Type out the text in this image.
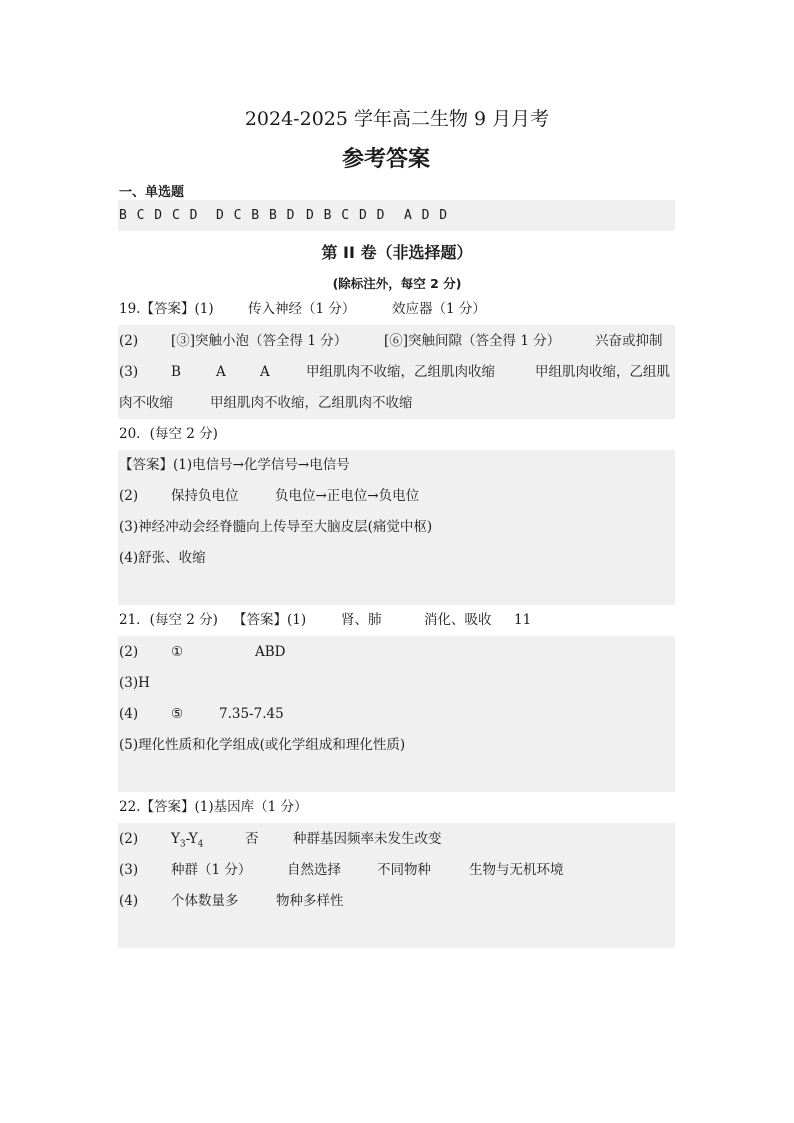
2024-2025 学年高二生物 9 月月考
参考答案
一、单选题
B C D C D D C B B D D B C D D A D D
第 II 卷（非选择题）
(除标注外，每空 2 分)
19.【答案】(1)	传入神经（1 分）	效应器（1 分）
(2) [③]突触小泡（答全得 1 分）	[⑥]突触间隙（答全得 1 分）	兴奋或抑制
(3) B	A	A	甲组肌肉不收缩，乙组肌肉收缩	甲组肌肉收缩，乙组肌
肉不收缩	甲组肌肉不收缩，乙组肌肉不收缩
20．(每空 2 分)
【答案】(1)电信号→化学信号→电信号
(2) 保持负电位	负电位→正电位→负电位
(3)神经冲动会经脊髓向上传导至大脑皮层(痛觉中枢)
(4)舒张、收缩
21．(每空 2 分) 【答案】(1)	肾、肺	消化、吸收 11
(2) ①	ABD
(3)H
(4) ⑤	7.35-7.45
(5)理化性质和化学组成(或化学组成和理化性质)
22.【答案】(1)基因库（1 分）
(2) $Y_3-Y_4$	否	种群基因频率未发生改变
(3) 种群（1 分）	自然选择	不同物种	生物与无机环境
(4) 个体数量多	物种多样性
